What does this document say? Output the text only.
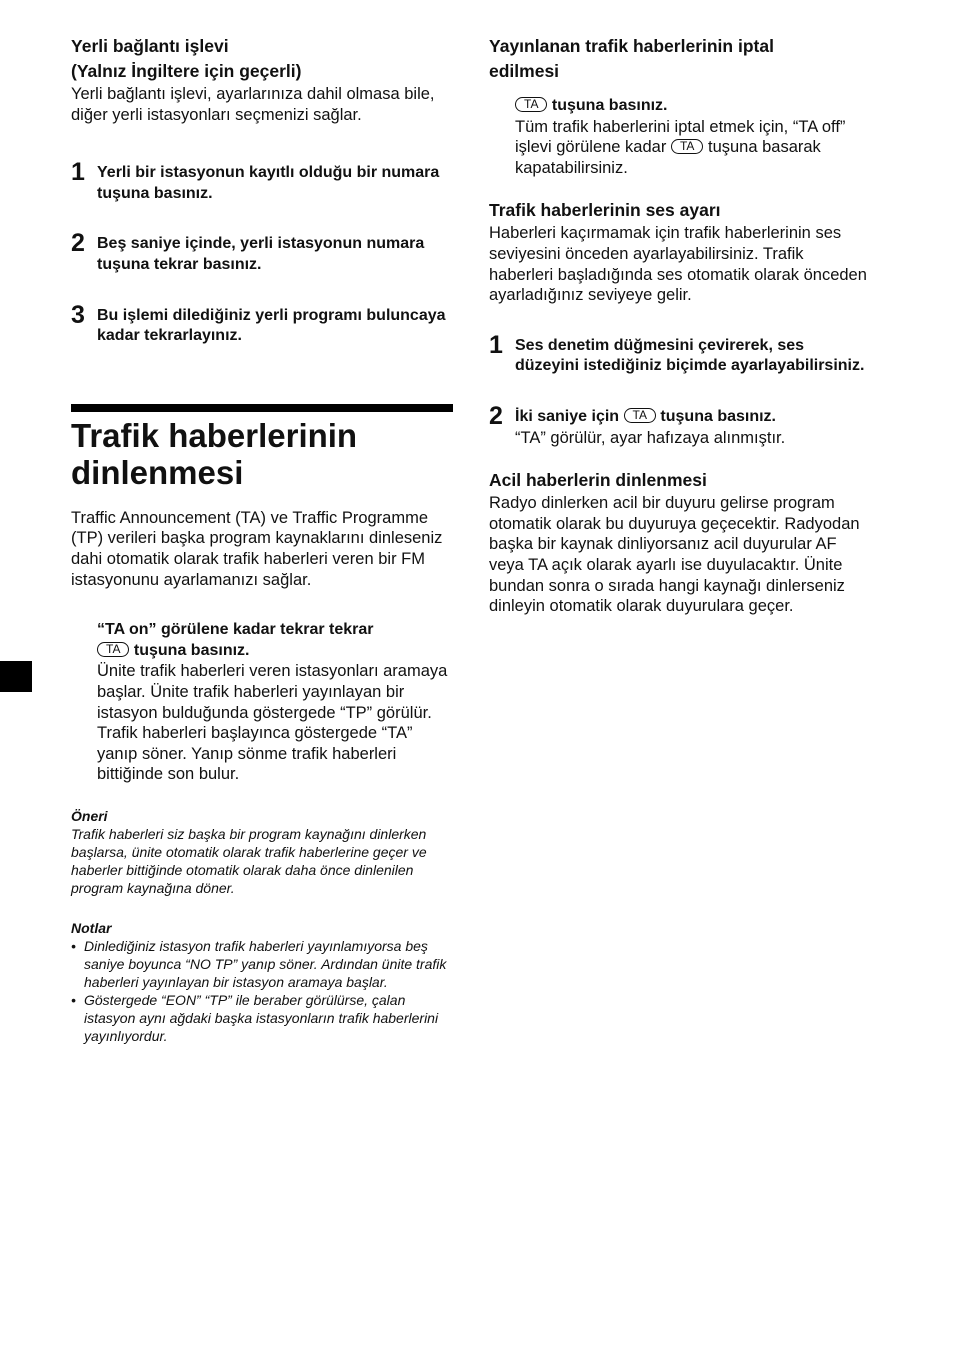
Yerli bağlantı işlevi
(Yalnız İngiltere için geçerli)

Yerli bağlantı işlevi, ayarlarınıza dahil olmasa bile, diğer yerli istasyonları seçmenizi sağlar.

1 Yerli bir istasyonun kayıtlı olduğu bir numara tuşuna basınız.
2 Beş saniye içinde, yerli istasyonun numara tuşuna tekrar basınız.
3 Bu işlemi dilediğiniz yerli programı buluncaya kadar tekrarlayınız.
Trafik haberlerinin
dinlenmesi

Traffic Announcement (TA) ve Traffic Programme (TP) verileri başka program kaynaklarını dinleseniz dahi otomatik olarak trafik haberleri veren bir FM istasyonunu ayarlamanızı sağlar.

“TA on” görülene kadar tekrar tekrar
TA tuşuna basınız.

Ünite trafik haberleri veren istasyonları aramaya başlar. Ünite trafik haberleri yayınlayan bir istasyon bulduğunda göstergede “TP” görülür.

Trafik haberleri başlayınca göstergede “TA” yanıp söner. Yanıp sönme trafik haberleri bittiğinde son bulur.

Öneri

Trafik haberleri siz başka bir program kaynağını dinlerken başlarsa, ünite otomatik olarak trafik haberlerine geçer ve haberler bittiğinde otomatik olarak daha önce dinlenilen program kaynağına döner.

Notlar

• Dinlediğiniz istasyon trafik haberleri yayınlamıyorsa beş saniye boyunca “NO TP” yanıp söner. Ardından ünite trafik haberleri yayınlayan bir istasyon aramaya başlar.
• Göstergede “EON” “TP” ile beraber görülürse, çalan istasyon aynı ağdaki başka istasyonların trafik haberlerini yayınlıyordur.

Yayınlanan trafik haberlerinin iptal
edilmesi

TA tuşuna basınız.

Tüm trafik haberlerini iptal etmek için, “TA off” işlevi görülene kadar TA tuşuna basarak kapatabilirsiniz.

Trafik haberlerinin ses ayarı

Haberleri kaçırmamak için trafik haberlerinin ses seviyesini önceden ayarlayabilirsiniz. Trafik haberleri başladığında ses otomatik olarak önceden ayarladığınız seviyeye gelir.

1 Ses denetim düğmesini çevirerek, ses düzeyini istediğiniz biçimde ayarlayabilirsiniz.
2 İki saniye için TA tuşuna basınız.

“TA” görülür, ayar hafızaya alınmıştır.

Acil haberlerin dinlenmesi

Radyo dinlerken acil bir duyuru gelirse program otomatik olarak bu duyuruya geçecektir. Radyodan başka bir kaynak dinliyorsanız acil duyurular AF veya TA açık olarak ayarlı ise duyulacaktır. Ünite bundan sonra o sırada hangi kaynağı dinlerseniz dinleyin otomatik olarak duyurulara geçer.
